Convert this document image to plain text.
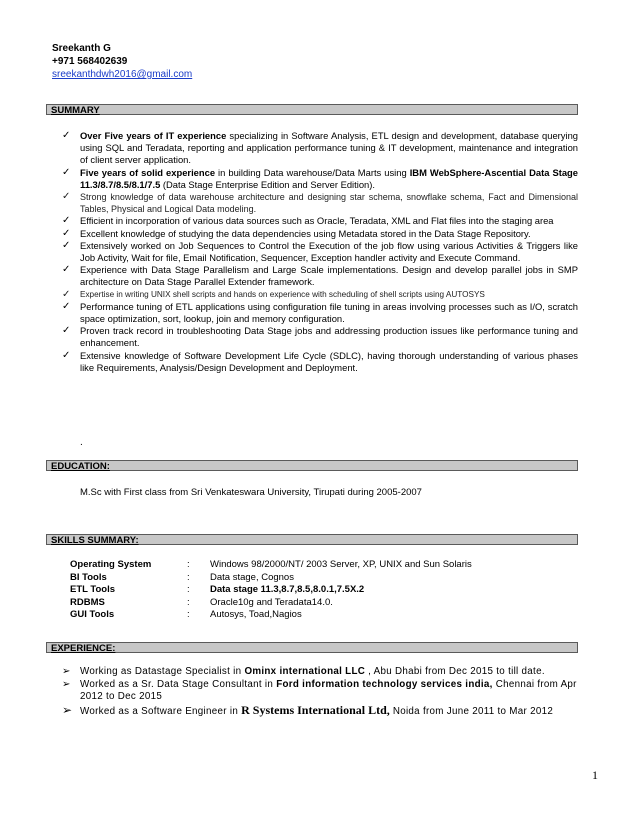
Sreekanth G
+971 568402639
sreekanthdwh2016@gmail.com
SUMMARY
✓ Over Five years of IT experience specializing in Software Analysis, ETL design and development, database querying using SQL and Teradata, reporting and application performance tuning & IT development, maintenance and integration of client server application.
✓ Five years of solid experience in building Data warehouse/Data Marts using IBM WebSphere-Ascential Data Stage 11.3/8.7/8.5/8.1/7.5 (Data Stage Enterprise Edition and Server Edition).
✓ Strong knowledge of data warehouse architecture and designing star schema, snowflake schema, Fact and Dimensional Tables, Physical and Logical Data modeling.
✓ Efficient in incorporation of various data sources such as Oracle, Teradata, XML and Flat files into the staging area
✓ Excellent knowledge of studying the data dependencies using Metadata stored in the Data Stage Repository.
✓ Extensively worked on Job Sequences to Control the Execution of the job flow using various Activities & Triggers like Job Activity, Wait for file, Email Notification, Sequencer, Exception handler activity and Execute Command.
✓ Experience with Data Stage Parallelism and Large Scale implementations. Design and develop parallel jobs in SMP architecture on Data Stage Parallel Extender framework.
✓ Expertise in writing UNIX shell scripts and hands on experience with scheduling of shell scripts using AUTOSYS
✓ Performance tuning of ETL applications using configuration file tuning in areas involving processes such as I/O, scratch space optimization, sort, lookup, join and memory configuration.
✓ Proven track record in troubleshooting Data Stage jobs and addressing production issues like performance tuning and enhancement.
✓ Extensive knowledge of Software Development Life Cycle (SDLC), having thorough understanding of various phases like Requirements, Analysis/Design Development and Deployment.
.
EDUCATION:
M.Sc with First class from Sri Venkateswara University, Tirupati during 2005-2007
SKILLS SUMMARY:
Operating System	:	Windows 98/2000/NT/ 2003 Server, XP, UNIX and Sun Solaris
BI Tools	:	Data stage, Cognos
ETL Tools	:	Data stage 11.3,8.7,8.5,8.0.1,7.5X.2
RDBMS	:	Oracle10g and Teradata14.0.
GUI Tools	:	Autosys, Toad,Nagios
EXPERIENCE:
➢ Working as Datastage Specialist in Ominx international LLC , Abu Dhabi from Dec 2015 to till date.
➢ Worked as a Sr. Data Stage Consultant in Ford information technology services india, Chennai from Apr 2012 to Dec 2015
➢ Worked as a Software Engineer in R Systems International Ltd, Noida from June 2011 to Mar 2012
1
